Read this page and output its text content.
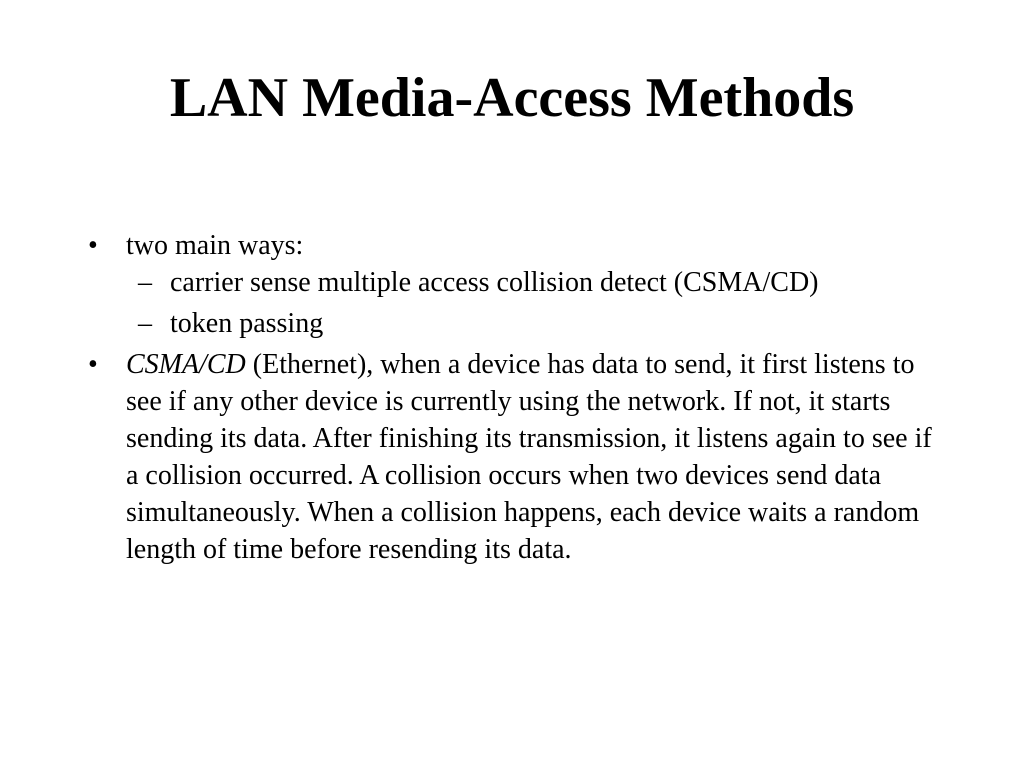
LAN Media-Access Methods
• two main ways:
– carrier sense multiple access collision detect (CSMA/CD)
– token passing
• CSMA/CD (Ethernet), when a device has data to send, it first listens to see if any other device is currently using the network. If not, it starts sending its data. After finishing its transmission, it listens again to see if a collision occurred. A collision occurs when two devices send data simultaneously. When a collision happens, each device waits a random length of time before resending its data.
